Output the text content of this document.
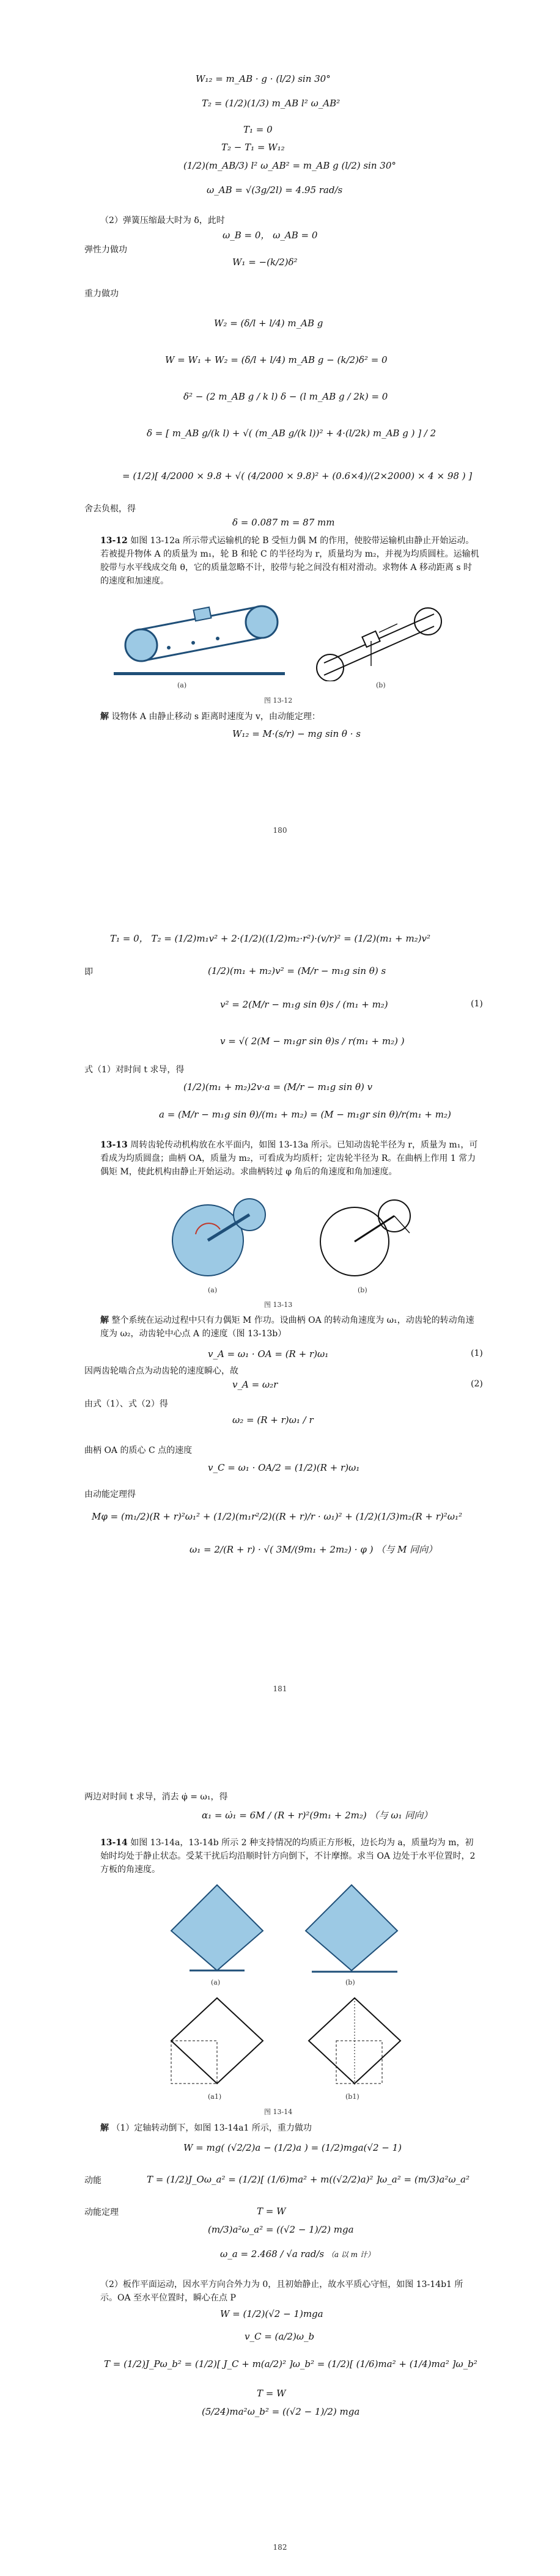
W₁₂ = m_AB · g · (l/2) sin 30°
T₂ = (1/2)(1/3) m_AB l² ω_AB²
T₁ = 0
T₂ − T₁ = W₁₂
(1/2)(m_AB/3) l² ω_AB² = m_AB g (l/2) sin 30°
ω_AB = √(3g/2l) = 4.95 rad/s
（2）弹簧压缩最大时为 δ，此时
ω_B = 0， ω_AB = 0
弹性力做功
W₁ = −(k/2)δ²
重力做功
W₂ = (δ/l + l/4) m_AB g
W = W₁ + W₂ = (δ/l + l/4) m_AB g − (k/2)δ² = 0
δ² − (2 m_AB g / k l) δ − (l m_AB g / 2k) = 0
δ = [ m_AB g/(k l) + √( (m_AB g/(k l))² + 4·(l/2k) m_AB g ) ] / 2
= (1/2)[ 4/2000 × 9.8 + √( (4/2000 × 9.8)² + (0.6×4)/(2×2000) × 4 × 98 ) ]
舍去负根，得
δ = 0.087 m = 87 mm
13-12 如图 13-12a 所示带式运输机的轮 B 受恒力偶 M 的作用，使胶带运输机由静止开始运动。若被提升物体 A 的质量为 m₁，轮 B 和轮 C 的半径均为 r，质量均为 m₂，并视为均质圆柱。运输机胶带与水平线成交角 θ，它的质量忽略不计，胶带与轮之间没有相对滑动。求物体 A 移动距离 s 时的速度和加速度。
(a)	(b)
图 13-12
解 设物体 A 由静止移动 s 距离时速度为 v，由动能定理：
W₁₂ = M·(s/r) − mg sin θ · s
180
T₁ = 0， T₂ = (1/2)m₁v² + 2·(1/2)((1/2)m₂·r²)·(v/r)² = (1/2)(m₁ + m₂)v²
即	(1/2)(m₁ + m₂)v² = (M/r − m₁g sin θ) s
v² = 2(M/r − m₁g sin θ)s / (m₁ + m₂)	(1)
v = √( 2(M − m₁gr sin θ)s / r(m₁ + m₂) )
式（1）对时间 t 求导，得
(1/2)(m₁ + m₂)2v·a = (M/r − m₁g sin θ) v
a = (M/r − m₁g sin θ)/(m₁ + m₂) = (M − m₁gr sin θ)/r(m₁ + m₂)
13-13 周转齿轮传动机构放在水平面内，如图 13-13a 所示。已知动齿轮半径为 r，质量为 m₁，可看成为均质圆盘；曲柄 OA，质量为 m₂，可看成为均质杆；定齿轮半径为 R。在曲柄上作用 1 常力偶矩 M，使此机构由静止开始运动。求曲柄转过 φ 角后的角速度和角加速度。
(a)	(b)
图 13-13
解 整个系统在运动过程中只有力偶矩 M 作功。设曲柄 OA 的转动角速度为 ω₁，动齿轮的转动角速度为 ω₂，动齿轮中心点 A 的速度（图 13-13b）
v_A = ω₁ · OA = (R + r)ω₁	(1)
因两齿轮啮合点为动齿轮的速度瞬心，故
v_A = ω₂r	(2)
由式（1）、式（2）得
ω₂ = (R + r)ω₁ / r
曲柄 OA 的质心 C 点的速度
v_C = ω₁ · OA/2 = (1/2)(R + r)ω₁
由动能定理得
Mφ = (m₁/2)(R + r)²ω₁² + (1/2)(m₁r²/2)((R + r)/r · ω₁)² + (1/2)(1/3)m₂(R + r)²ω₁²
ω₁ = 2/(R + r) · √( 3M/(9m₁ + 2m₂) · φ ) （与 M 同向）
181
两边对时间 t 求导，消去 φ̇ = ω₁，得
α₁ = ω̇₁ = 6M / (R + r)²(9m₁ + 2m₂) （与 ω₁ 同向）
13-14 如图 13-14a，13-14b 所示 2 种支持情况的均质正方形板，边长均为 a，质量均为 m，初始时均处于静止状态。受某干扰后均沿顺时针方向倒下，不计摩擦。求当 OA 边处于水平位置时，2 方板的角速度。
(a)	(b)
(a1)	(b1)
图 13-14
解 （1）定轴转动倒下，如图 13-14a1 所示，重力做功
W = mg( (√2/2)a − (1/2)a ) = (1/2)mga(√2 − 1)
动能	T = (1/2)J_Oω_a² = (1/2)[ (1/6)ma² + m((√2/2)a)² ]ω_a² = (m/3)a²ω_a²
动能定理	T = W
(m/3)a²ω_a² = ((√2 − 1)/2) mga
ω_a = 2.468 / √a rad/s （a 以 m 计）
（2）板作平面运动，因水平方向合外力为 0，且初始静止，故水平质心守恒，如图 13-14b1 所示。OA 至水平位置时，瞬心在点 P
W = (1/2)(√2 − 1)mga
v_C = (a/2)ω_b
T = (1/2)J_Pω_b² = (1/2)[ J_C + m(a/2)² ]ω_b² = (1/2)[ (1/6)ma² + (1/4)ma² ]ω_b²
T = W
(5/24)ma²ω_b² = ((√2 − 1)/2) mga
182
